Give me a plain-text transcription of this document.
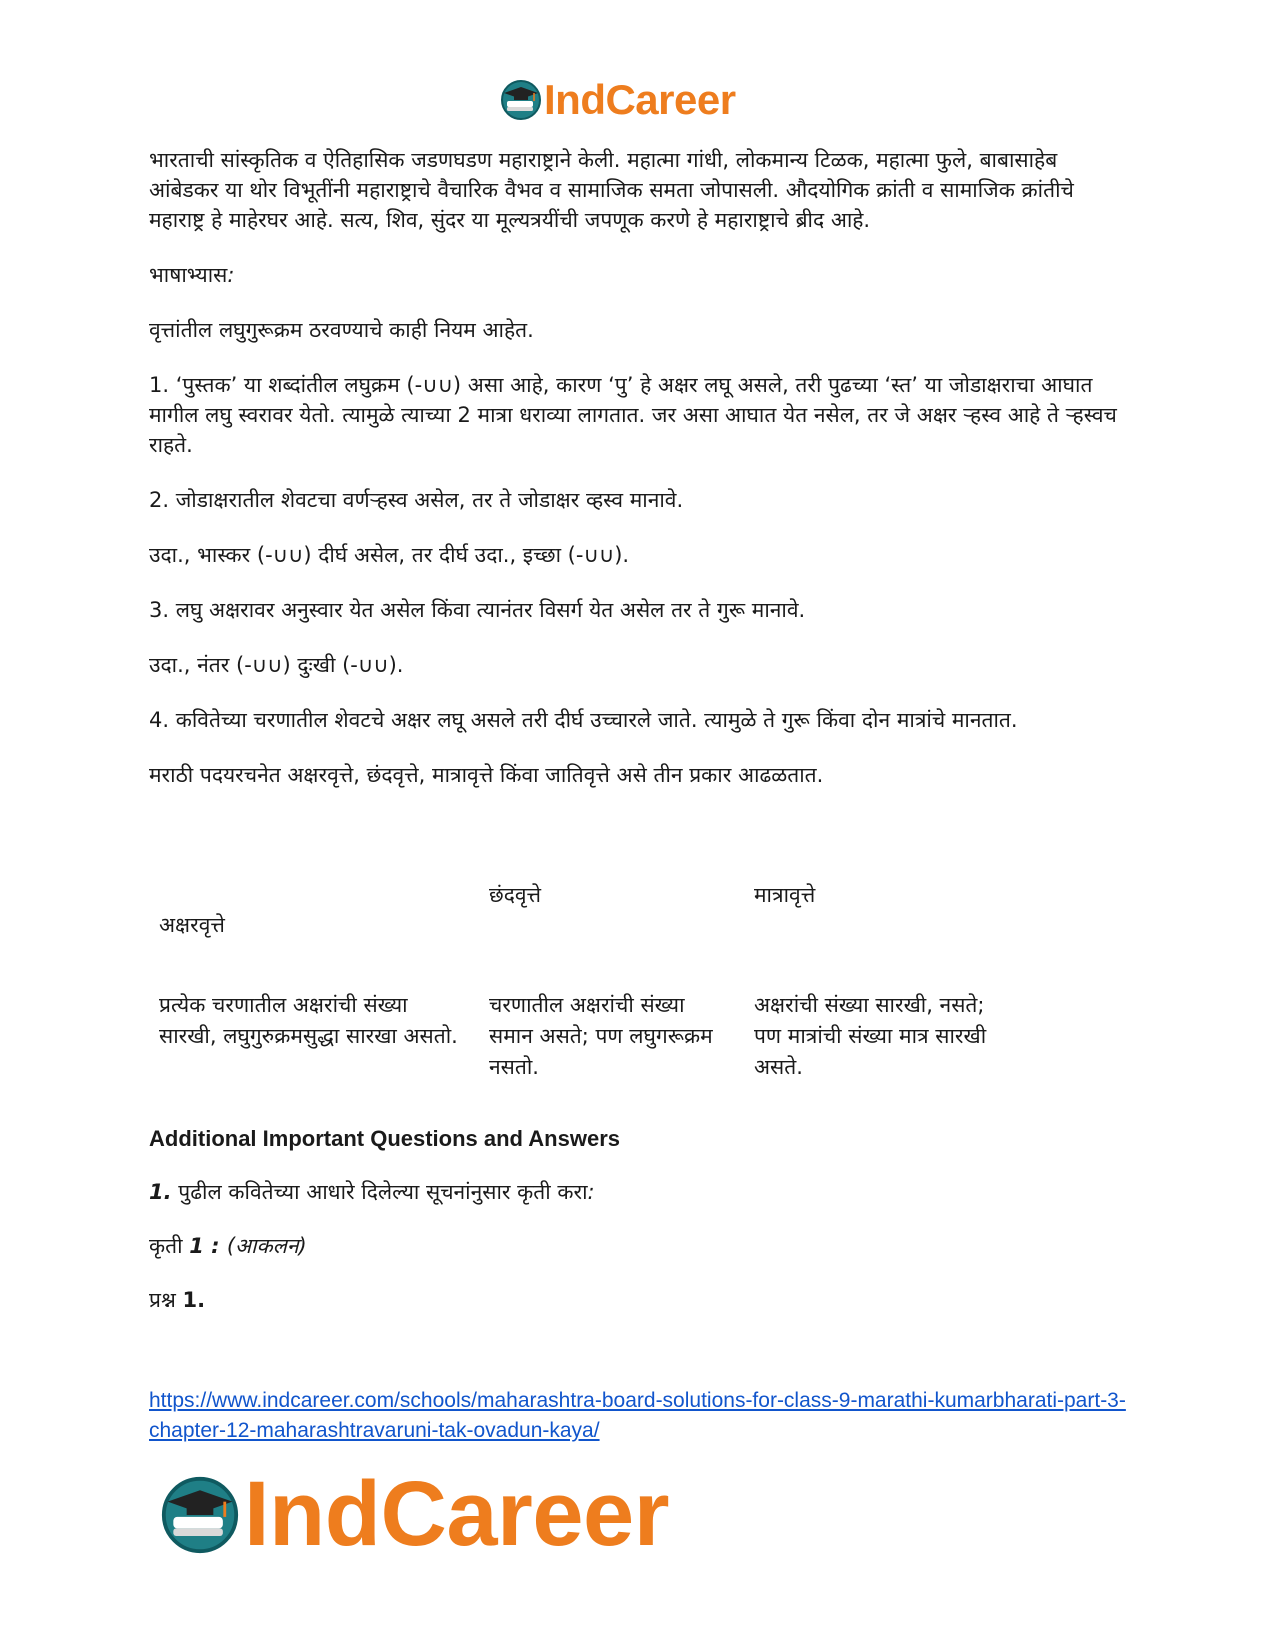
IndCareer

भारताची सांस्कृतिक व ऐतिहासिक जडणघडण महाराष्ट्राने केली. महात्मा गांधी, लोकमान्य टिळक, महात्मा फुले, बाबासाहेब आंबेडकर या थोर विभूतींनी महाराष्ट्राचे वैचारिक वैभव व सामाजिक समता जोपासली. औदयोगिक क्रांती व सामाजिक क्रांतीचे महाराष्ट्र हे माहेरघर आहे. सत्य, शिव, सुंदर या मूल्यत्रयींची जपणूक करणे हे महाराष्ट्राचे ब्रीद आहे.

भाषाभ्यास:

वृत्तांतील लघुगुरूक्रम ठरवण्याचे काही नियम आहेत.

1. ‘पुस्तक’ या शब्दांतील लघुक्रम (-∪∪) असा आहे, कारण ‘पु’ हे अक्षर लघू असले, तरी पुढच्या ‘स्त’ या जोडाक्षराचा आघात मागील लघु स्वरावर येतो. त्यामुळे त्याच्या 2 मात्रा धराव्या लागतात. जर असा आघात येत नसेल, तर जे अक्षर ऱ्हस्व आहे ते ऱ्हस्वच राहते.

2. जोडाक्षरातील शेवटचा वर्णऱ्हस्व असेल, तर ते जोडाक्षर व्हस्व मानावे.

उदा., भास्कर (-∪∪) दीर्घ असेल, तर दीर्घ उदा., इच्छा (-∪∪).

3. लघु अक्षरावर अनुस्वार येत असेल किंवा त्यानंतर विसर्ग येत असेल तर ते गुरू मानावे.

उदा., नंतर (-∪∪) दुःखी (-∪∪).

4. कवितेच्या चरणातील शेवटचे अक्षर लघू असले तरी दीर्घ उच्चारले जाते. त्यामुळे ते गुरू किंवा दोन मात्रांचे मानतात.

मराठी पदयरचनेत अक्षरवृत्ते, छंदवृत्ते, मात्रावृत्ते किंवा जातिवृत्ते असे तीन प्रकार आढळतात.

अक्षरवृत्ते	छंदवृत्ते	मात्रावृत्ते
प्रत्येक चरणातील अक्षरांची संख्या सारखी, लघुगुरुक्रमसुद्धा सारखा असतो.	चरणातील अक्षरांची संख्या समान असते; पण लघुगरूक्रम नसतो.	अक्षरांची संख्या सारखी, नसते; पण मात्रांची संख्या मात्र सारखी असते.
Additional Important Questions and Answers
1. पुढील कवितेच्या आधारे दिलेल्या सूचनांनुसार कृती करा:
कृती 1 : (आकलन)
प्रश्न 1.
https://www.indcareer.com/schools/maharashtra-board-solutions-for-class-9-marathi-kumarbharati-part-3-chapter-12-maharashtravaruni-tak-ovadun-kaya/
IndCareer
